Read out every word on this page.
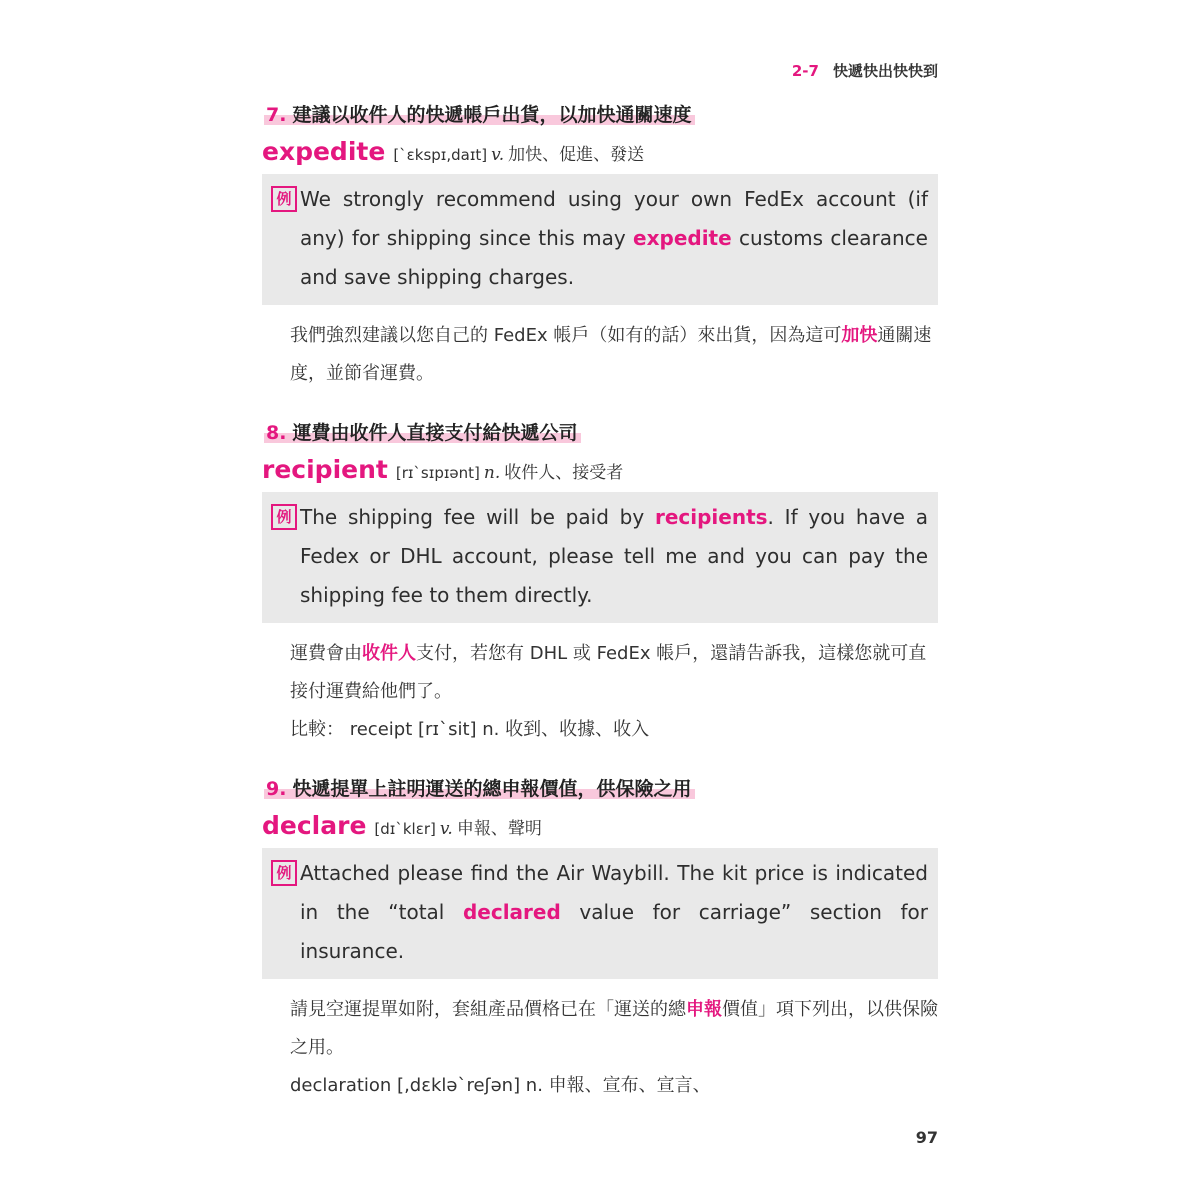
2-7 快遞快出快快到
7. 建議以收件人的快遞帳戶出貨，以加快通關速度
expedite [`ɛkspɪ,daɪt] v. 加快、促進、發送
例 We strongly recommend using your own FedEx account (if any) for shipping since this may expedite customs clearance and save shipping charges.
我們強烈建議以您自己的 FedEx 帳戶（如有的話）來出貨，因為這可加快通關速度，並節省運費。
8. 運費由收件人直接支付給快遞公司
recipient [rɪ`sɪpɪənt] n. 收件人、接受者
例 The shipping fee will be paid by recipients. If you have a Fedex or DHL account, please tell me and you can pay the shipping fee to them directly.
運費會由收件人支付，若您有 DHL 或 FedEx 帳戶，還請告訴我，這樣您就可直接付運費給他們了。
比較： receipt [rɪ`sit] n. 收到、收據、收入
9. 快遞提單上註明運送的總申報價值，供保險之用
declare [dɪ`klɛr] v. 申報、聲明
例 Attached please find the Air Waybill. The kit price is indicated in the “total declared value for carriage” section for insurance.
請見空運提單如附，套組產品價格已在「運送的總申報價值」項下列出，以供保險之用。
declaration [,dɛklə`reʃən] n. 申報、宣布、宣言、
97
